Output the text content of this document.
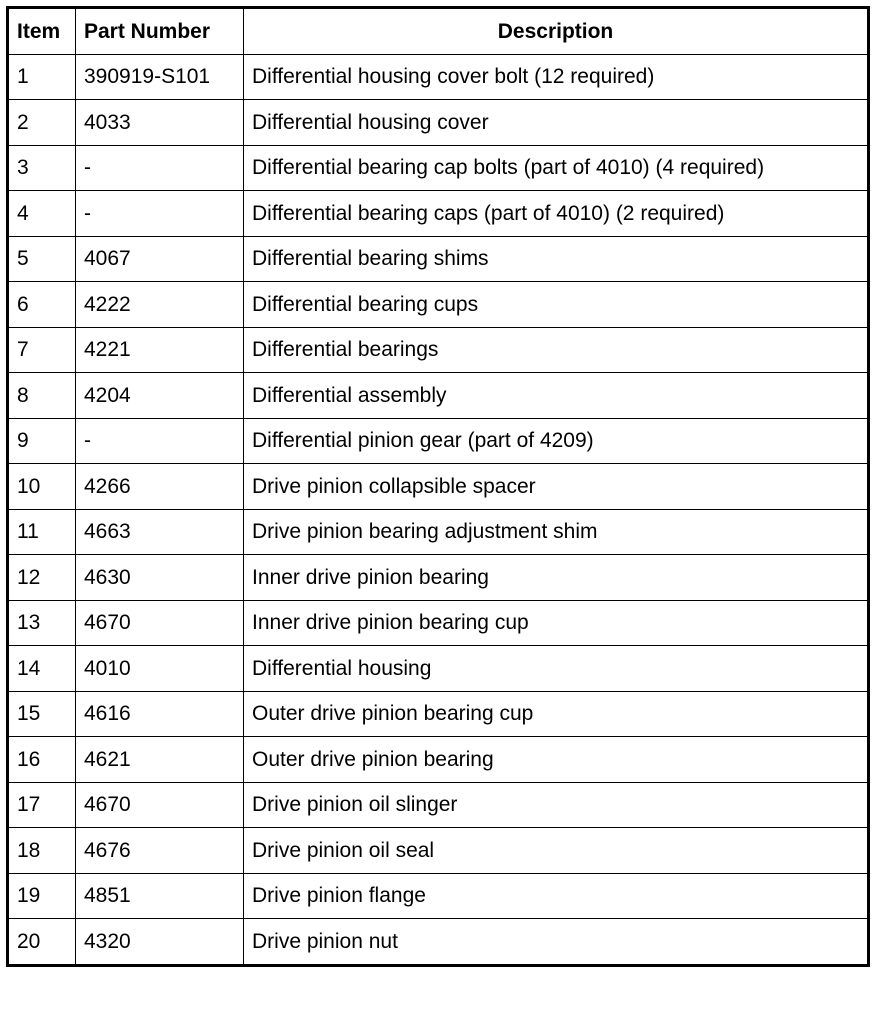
Item	Part Number	Description
1	390919-S101	Differential housing cover bolt (12 required)
2	4033	Differential housing cover
3	-	Differential bearing cap bolts (part of 4010) (4 required)
4	-	Differential bearing caps (part of 4010) (2 required)
5	4067	Differential bearing shims
6	4222	Differential bearing cups
7	4221	Differential bearings
8	4204	Differential assembly
9	-	Differential pinion gear (part of 4209)
10	4266	Drive pinion collapsible spacer
11	4663	Drive pinion bearing adjustment shim
12	4630	Inner drive pinion bearing
13	4670	Inner drive pinion bearing cup
14	4010	Differential housing
15	4616	Outer drive pinion bearing cup
16	4621	Outer drive pinion bearing
17	4670	Drive pinion oil slinger
18	4676	Drive pinion oil seal
19	4851	Drive pinion flange
20	4320	Drive pinion nut
